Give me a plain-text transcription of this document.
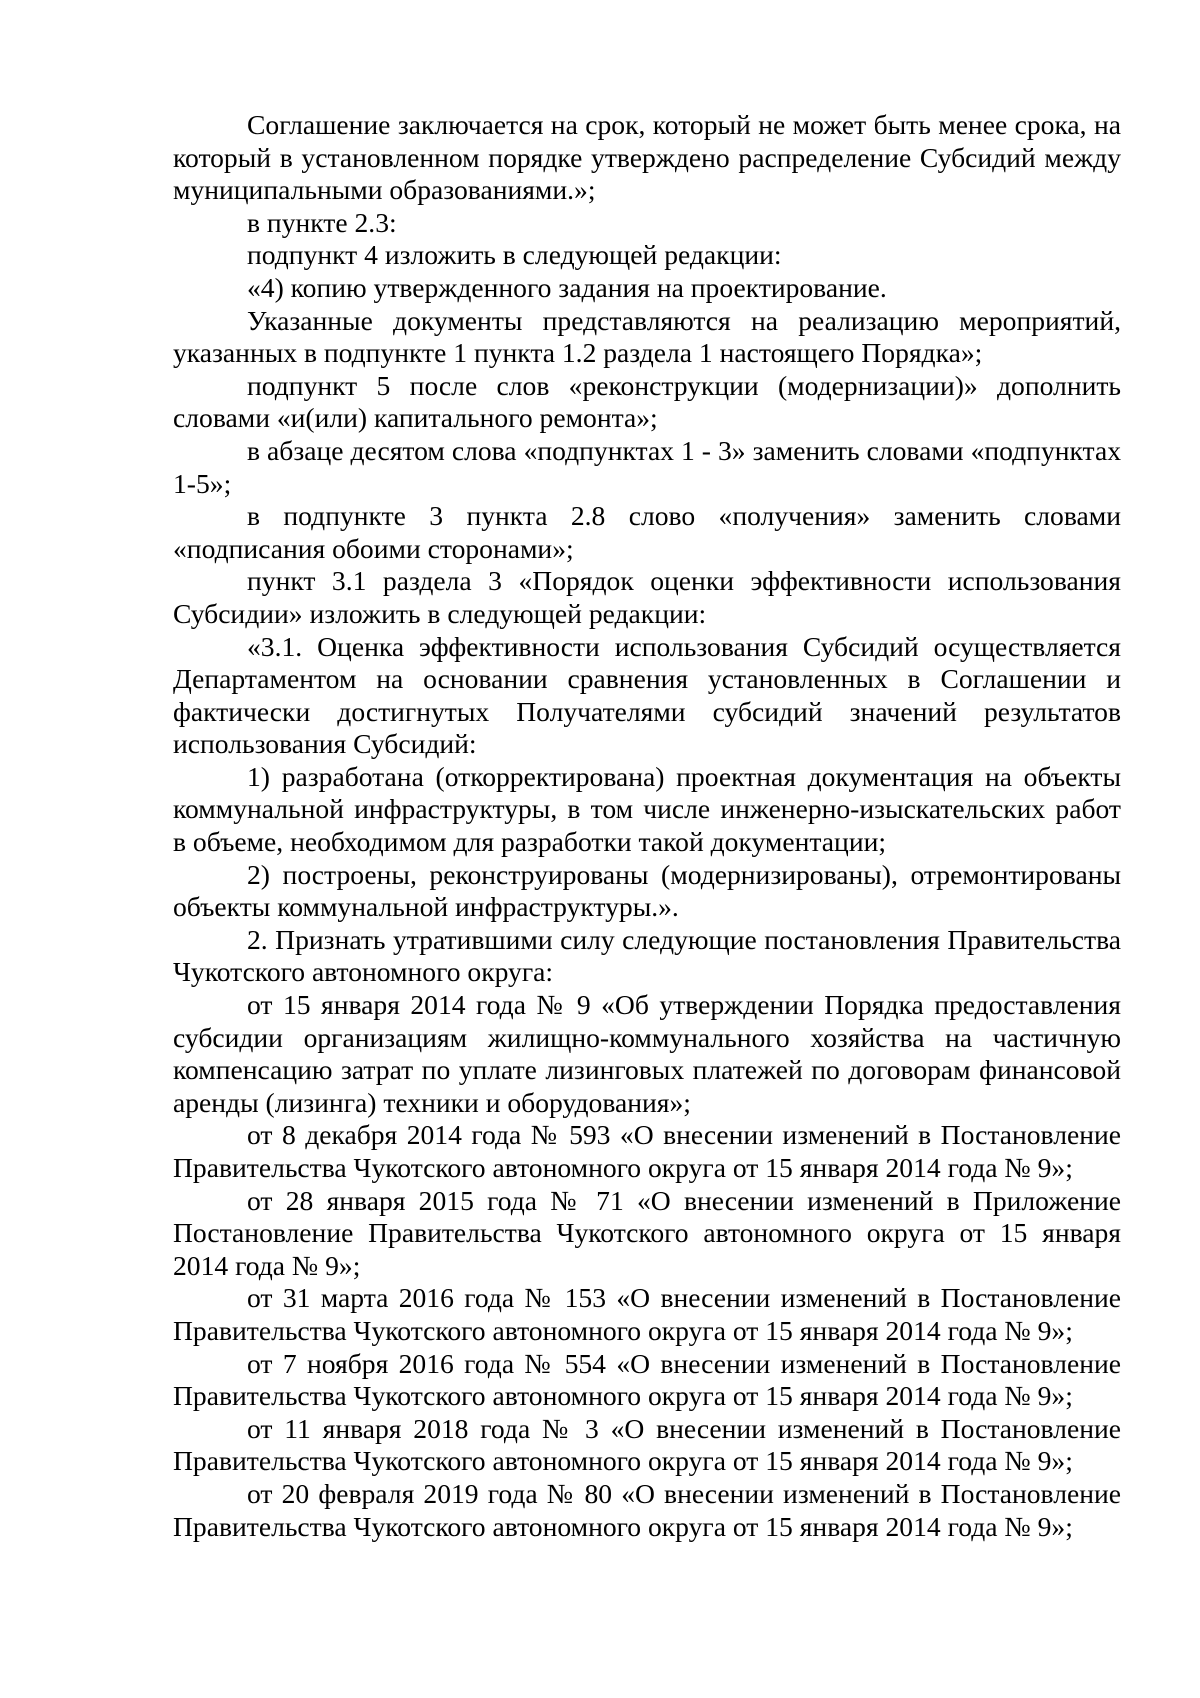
Соглашение заключается на срок, который не может быть менее срока, на который в установленном порядке утверждено распределение Субсидий между муниципальными образованиями.»;

в пункте 2.3:

подпункт 4 изложить в следующей редакции:

«4) копию утвержденного задания на проектирование.

Указанные документы представляются на реализацию мероприятий, указанных в подпункте 1 пункта 1.2 раздела 1 настоящего Порядка»;

подпункт 5 после слов «реконструкции (модернизации)» дополнить словами «и(или) капитального ремонта»;

в абзаце десятом слова «подпунктах 1 - 3» заменить словами «подпунктах 1-5»;

в подпункте 3 пункта 2.8 слово «получения» заменить словами «подписания обоими сторонами»;

пункт 3.1 раздела 3 «Порядок оценки эффективности использования Субсидии» изложить в следующей редакции:

«3.1. Оценка эффективности использования Субсидий осуществляется Департаментом на основании сравнения установленных в Соглашении и фактически достигнутых Получателями субсидий значений результатов использования Субсидий:

1) разработана (откорректирована) проектная документация на объекты коммунальной инфраструктуры, в том числе инженерно-изыскательских работ в объеме, необходимом для разработки такой документации;

2) построены, реконструированы (модернизированы), отремонтированы объекты коммунальной инфраструктуры.».

2. Признать утратившими силу следующие постановления Правительства Чукотского автономного округа:

от 15 января 2014 года № 9 «Об утверждении Порядка предоставления субсидии организациям жилищно-коммунального хозяйства на частичную компенсацию затрат по уплате лизинговых платежей по договорам финансовой аренды (лизинга) техники и оборудования»;

от 8 декабря 2014 года № 593 «О внесении изменений в Постановление Правительства Чукотского автономного округа от 15 января 2014 года № 9»;

от 28 января 2015 года № 71 «О внесении изменений в Приложение Постановление Правительства Чукотского автономного округа от 15 января 2014 года № 9»;

от 31 марта 2016 года № 153 «О внесении изменений в Постановление Правительства Чукотского автономного округа от 15 января 2014 года № 9»;

от 7 ноября 2016 года № 554 «О внесении изменений в Постановление Правительства Чукотского автономного округа от 15 января 2014 года № 9»;

от 11 января 2018 года № 3 «О внесении изменений в Постановление Правительства Чукотского автономного округа от 15 января 2014 года № 9»;

от 20 февраля 2019 года № 80 «О внесении изменений в Постановление Правительства Чукотского автономного округа от 15 января 2014 года № 9»;
